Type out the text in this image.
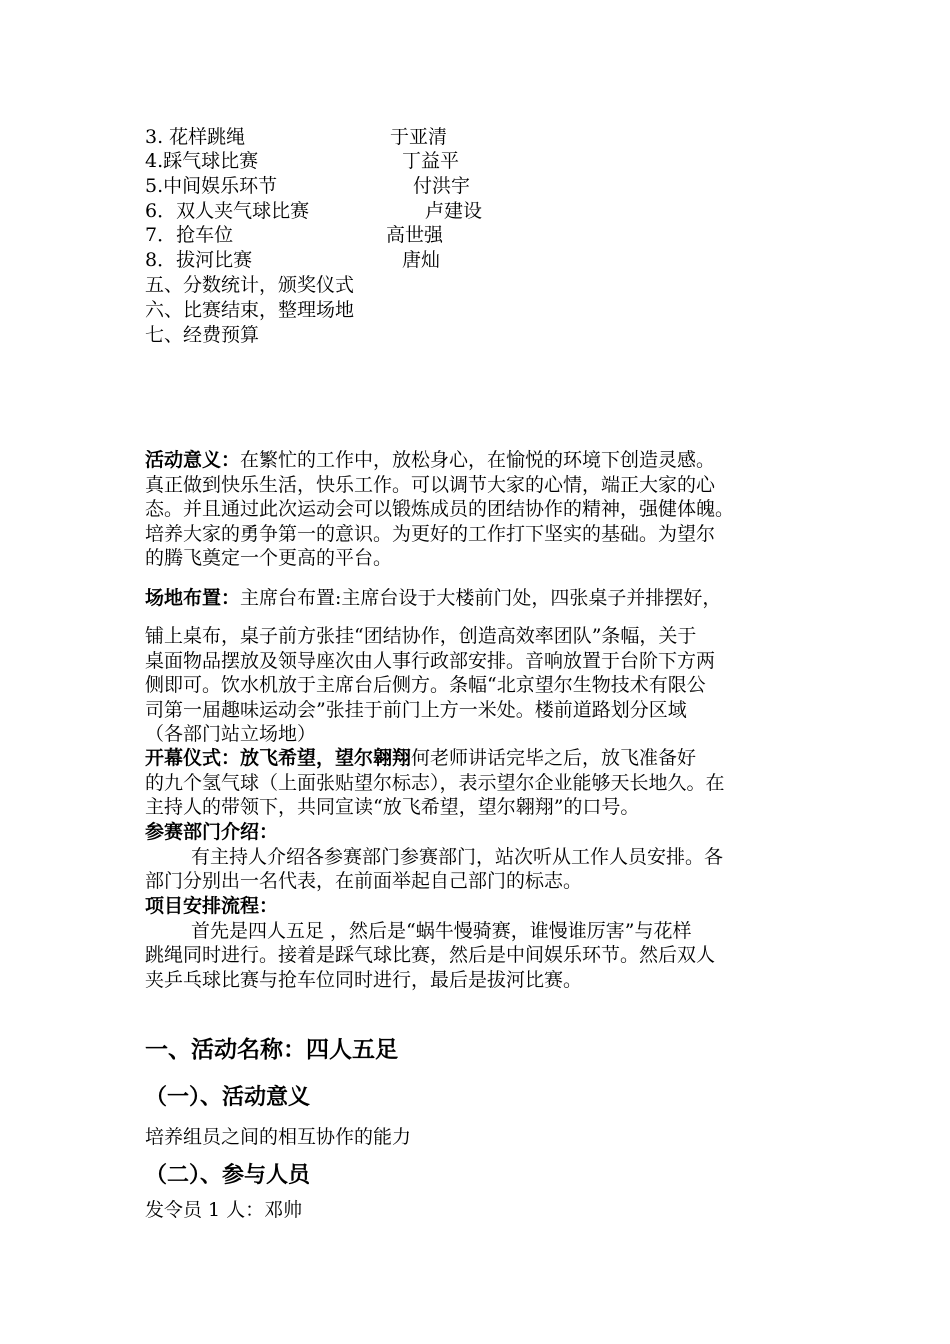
3. 花样跳绳	于亚清
4.踩气球比赛	丁益平
5.中间娱乐环节	付洪宇
6．双人夹气球比赛	卢建设
7．抢车位	高世强
8．拔河比赛	唐灿
五、分数统计，颁奖仪式
六、比赛结束，整理场地
七、经费预算
活动意义：在繁忙的工作中，放松身心，在愉悦的环境下创造灵感。
真正做到快乐生活，快乐工作。可以调节大家的心情，端正大家的心
态。并且通过此次运动会可以锻炼成员的团结协作的精神，强健体魄。
培养大家的勇争第一的意识。为更好的工作打下坚实的基础。为望尔
的腾飞奠定一个更高的平台。
场地布置：主席台布置:主席台设于大楼前门处，四张桌子并排摆好，
铺上桌布，桌子前方张挂“团结协作，创造高效率团队”条幅，关于
桌面物品摆放及领导座次由人事行政部安排。音响放置于台阶下方两
侧即可。饮水机放于主席台后侧方。条幅“北京望尔生物技术有限公
司第一届趣味运动会”张挂于前门上方一米处。楼前道路划分区域
（各部门站立场地）
开幕仪式：放飞希望，望尔翱翔何老师讲话完毕之后，放飞准备好
的九个氢气球（上面张贴望尔标志），表示望尔企业能够天长地久。在
主持人的带领下，共同宣读“放飞希望，望尔翱翔”的口号。
参赛部门介绍：
有主持人介绍各参赛部门参赛部门，站次听从工作人员安排。各
部门分别出一名代表，在前面举起自己部门的标志。
项目安排流程：
首先是四人五足 ，然后是“蜗牛慢骑赛，谁慢谁厉害”与花样
跳绳同时进行。接着是踩气球比赛，然后是中间娱乐环节。然后双人
夹乒乓球比赛与抢车位同时进行，最后是拔河比赛。
一、活动名称：四人五足
（一）、活动意义
培养组员之间的相互协作的能力
（二）、参与人员
发令员 1 人：邓帅
